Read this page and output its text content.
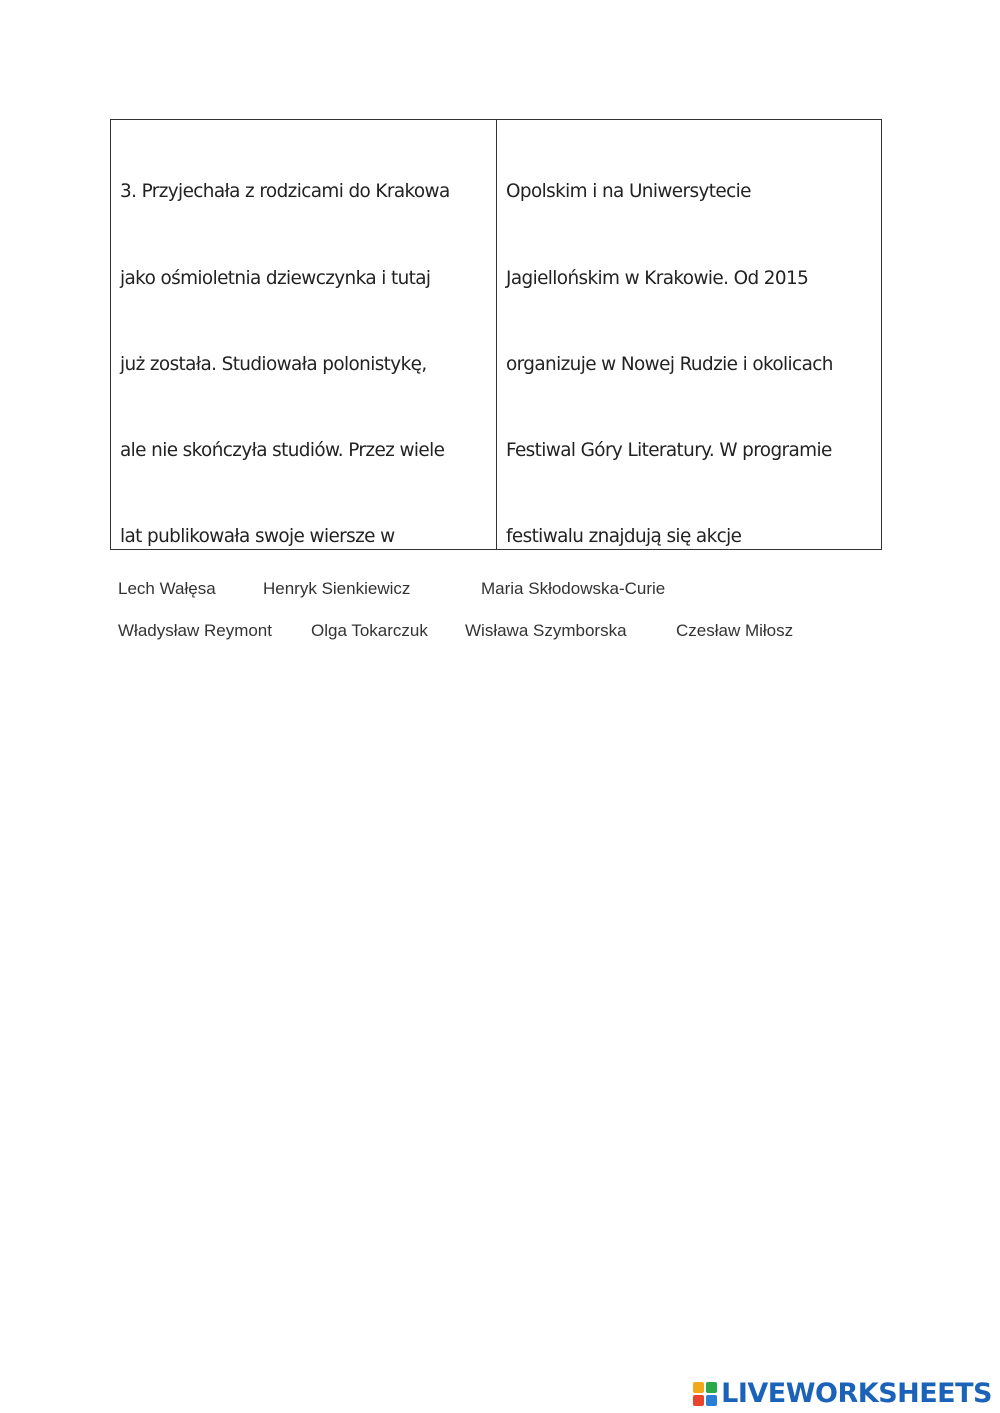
3. Przyjechała z rodzicami do Krakowa

jako ośmioletnia dziewczynka i tutaj

już została. Studiowała polonistykę,

ale nie skończyła studiów. Przez wiele

lat publikowała swoje wiersze w

Opolskim i na Uniwersytecie

Jagiellońskim w Krakowie. Od 2015

organizuje w Nowej Rudzie i okolicach

Festiwal Góry Literatury. W programie

festiwalu znajdują się akcje

Lech Wałęsa	Henryk Sienkiewicz	Maria Skłodowska-Curie
Władysław Reymont Olga Tokarczuk Wisława Szymborska	Czesław Miłosz
LIVEWORKSHEETS
